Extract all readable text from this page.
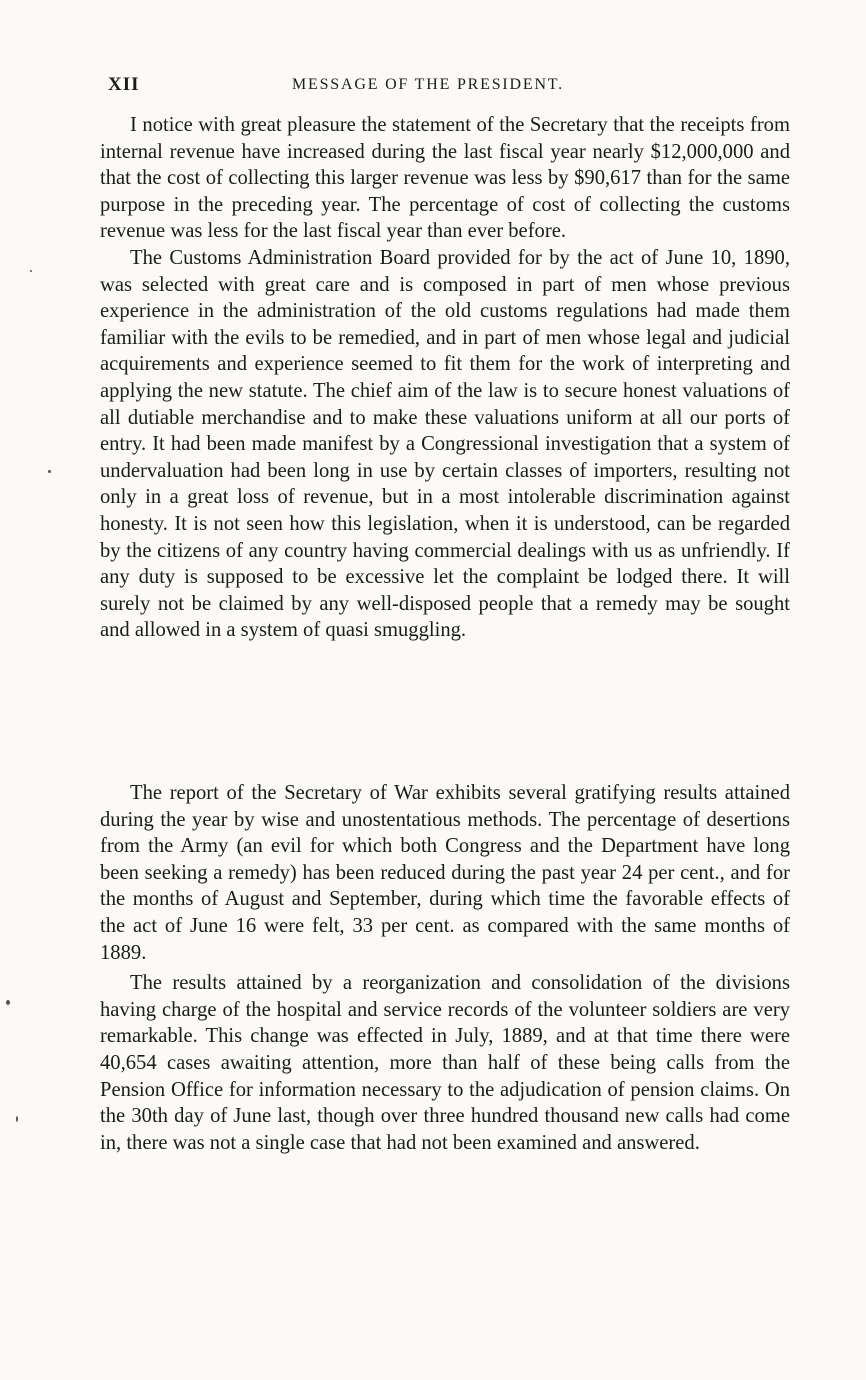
XII	MESSAGE OF THE PRESIDENT.

I notice with great pleasure the statement of the Secretary that the receipts from internal revenue have increased during the last fiscal year nearly $12,000,000 and that the cost of collecting this larger revenue was less by $90,617 than for the same purpose in the preceding year. The percentage of cost of collecting the customs revenue was less for the last fiscal year than ever before.

The Customs Administration Board provided for by the act of June 10, 1890, was selected with great care and is composed in part of men whose previous experience in the administration of the old customs regulations had made them familiar with the evils to be remedied, and in part of men whose legal and judicial acquirements and experience seemed to fit them for the work of interpreting and applying the new statute. The chief aim of the law is to secure honest valuations of all dutiable merchandise and to make these valuations uniform at all our ports of entry. It had been made manifest by a Congressional investigation that a system of undervaluation had been long in use by certain classes of importers, resulting not only in a great loss of revenue, but in a most intolerable discrimination against honesty. It is not seen how this legislation, when it is understood, can be regarded by the citizens of any country having commercial dealings with us as unfriendly. If any duty is supposed to be excessive let the complaint be lodged there. It will surely not be claimed by any well-disposed people that a remedy may be sought and allowed in a system of quasi smuggling.

The report of the Secretary of War exhibits several gratifying results attained during the year by wise and unostentatious methods. The percentage of desertions from the Army (an evil for which both Congress and the Department have long been seeking a remedy) has been reduced during the past year 24 per cent., and for the months of August and September, during which time the favorable effects of the act of June 16 were felt, 33 per cent. as compared with the same months of 1889.

The results attained by a reorganization and consolidation of the divisions having charge of the hospital and service records of the volunteer soldiers are very remarkable. This change was effected in July, 1889, and at that time there were 40,654 cases awaiting attention, more than half of these being calls from the Pension Office for information necessary to the adjudication of pension claims. On the 30th day of June last, though over three hundred thousand new calls had come in, there was not a single case that had not been examined and answered.
